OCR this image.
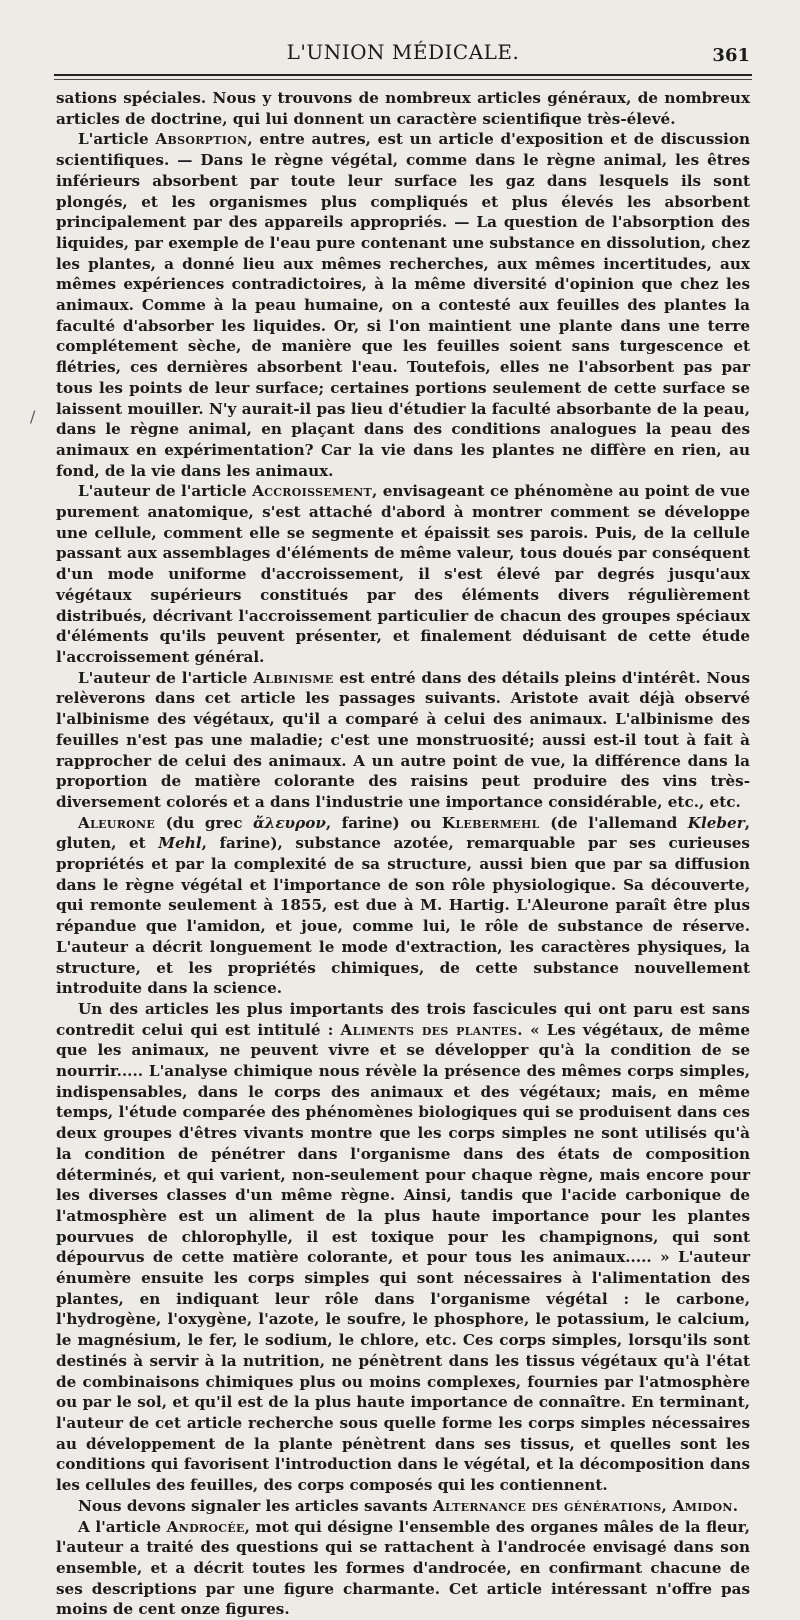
L'UNION MÉDICALE.	361
/

sations spéciales. Nous y trouvons de nombreux articles généraux, de nombreux articles de doctrine, qui lui donnent un caractère scientifique très-élevé.

L'article Absorption, entre autres, est un article d'exposition et de discussion scientifiques. — Dans le règne végétal, comme dans le règne animal, les êtres inférieurs absorbent par toute leur surface les gaz dans lesquels ils sont plongés, et les organismes plus compliqués et plus élevés les absorbent principalement par des appareils appropriés. — La question de l'absorption des liquides, par exemple de l'eau pure contenant une substance en dissolution, chez les plantes, a donné lieu aux mêmes recherches, aux mêmes incertitudes, aux mêmes expériences contradictoires, à la même diversité d'opinion que chez les animaux. Comme à la peau humaine, on a contesté aux feuilles des plantes la faculté d'absorber les liquides. Or, si l'on maintient une plante dans une terre complétement sèche, de manière que les feuilles soient sans turgescence et flétries, ces dernières absorbent l'eau. Toutefois, elles ne l'absorbent pas par tous les points de leur surface; certaines portions seulement de cette surface se laissent mouiller. N'y aurait-il pas lieu d'étudier la faculté absorbante de la peau, dans le règne animal, en plaçant dans des conditions analogues la peau des animaux en expérimentation? Car la vie dans les plantes ne diffère en rien, au fond, de la vie dans les animaux.

L'auteur de l'article Accroissement, envisageant ce phénomène au point de vue purement anatomique, s'est attaché d'abord à montrer comment se développe une cellule, comment elle se segmente et épaissit ses parois. Puis, de la cellule passant aux assemblages d'éléments de même valeur, tous doués par conséquent d'un mode uniforme d'accroissement, il s'est élevé par degrés jusqu'aux végétaux supérieurs constitués par des éléments divers régulièrement distribués, décrivant l'accroissement particulier de chacun des groupes spéciaux d'éléments qu'ils peuvent présenter, et finalement déduisant de cette étude l'accroissement général.

L'auteur de l'article Albinisme est entré dans des détails pleins d'intérêt. Nous relèverons dans cet article les passages suivants. Aristote avait déjà observé l'albinisme des végétaux, qu'il a comparé à celui des animaux. L'albinisme des feuilles n'est pas une maladie; c'est une monstruosité; aussi est-il tout à fait à rapprocher de celui des animaux. A un autre point de vue, la différence dans la proportion de matière colorante des raisins peut produire des vins très-diversement colorés et a dans l'industrie une importance considérable, etc., etc.

Aleurone (du grec ἄλευρον, farine) ou Klebermehl (de l'allemand Kleber, gluten, et Mehl, farine), substance azotée, remarquable par ses curieuses propriétés et par la complexité de sa structure, aussi bien que par sa diffusion dans le règne végétal et l'importance de son rôle physiologique. Sa découverte, qui remonte seulement à 1855, est due à M. Hartig. L'Aleurone paraît être plus répandue que l'amidon, et joue, comme lui, le rôle de substance de réserve. L'auteur a décrit longuement le mode d'extraction, les caractères physiques, la structure, et les propriétés chimiques, de cette substance nouvellement introduite dans la science.

Un des articles les plus importants des trois fascicules qui ont paru est sans contredit celui qui est intitulé : Aliments des plantes. « Les végétaux, de même que les animaux, ne peuvent vivre et se développer qu'à la condition de se nourrir..... L'analyse chimique nous révèle la présence des mêmes corps simples, indispensables, dans le corps des animaux et des végétaux; mais, en même temps, l'étude comparée des phénomènes biologiques qui se produisent dans ces deux groupes d'êtres vivants montre que les corps simples ne sont utilisés qu'à la condition de pénétrer dans l'organisme dans des états de composition déterminés, et qui varient, non-seulement pour chaque règne, mais encore pour les diverses classes d'un même règne. Ainsi, tandis que l'acide carbonique de l'atmosphère est un aliment de la plus haute importance pour les plantes pourvues de chlorophylle, il est toxique pour les champignons, qui sont dépourvus de cette matière colorante, et pour tous les animaux..... » L'auteur énumère ensuite les corps simples qui sont nécessaires à l'alimentation des plantes, en indiquant leur rôle dans l'organisme végétal : le carbone, l'hydrogène, l'oxygène, l'azote, le soufre, le phosphore, le potassium, le calcium, le magnésium, le fer, le sodium, le chlore, etc. Ces corps simples, lorsqu'ils sont destinés à servir à la nutrition, ne pénètrent dans les tissus végétaux qu'à l'état de combinaisons chimiques plus ou moins complexes, fournies par l'atmosphère ou par le sol, et qu'il est de la plus haute importance de connaître. En terminant, l'auteur de cet article recherche sous quelle forme les corps simples nécessaires au développement de la plante pénètrent dans ses tissus, et quelles sont les conditions qui favorisent l'introduction dans le végétal, et la décomposition dans les cellules des feuilles, des corps composés qui les contiennent.

Nous devons signaler les articles savants Alternance des générations, Amidon.

A l'article Androcée, mot qui désigne l'ensemble des organes mâles de la fleur, l'auteur a traité des questions qui se rattachent à l'androcée envisagé dans son ensemble, et a décrit toutes les formes d'androcée, en confirmant chacune de ses descriptions par une figure charmante. Cet article intéressant n'offre pas moins de cent onze figures.
